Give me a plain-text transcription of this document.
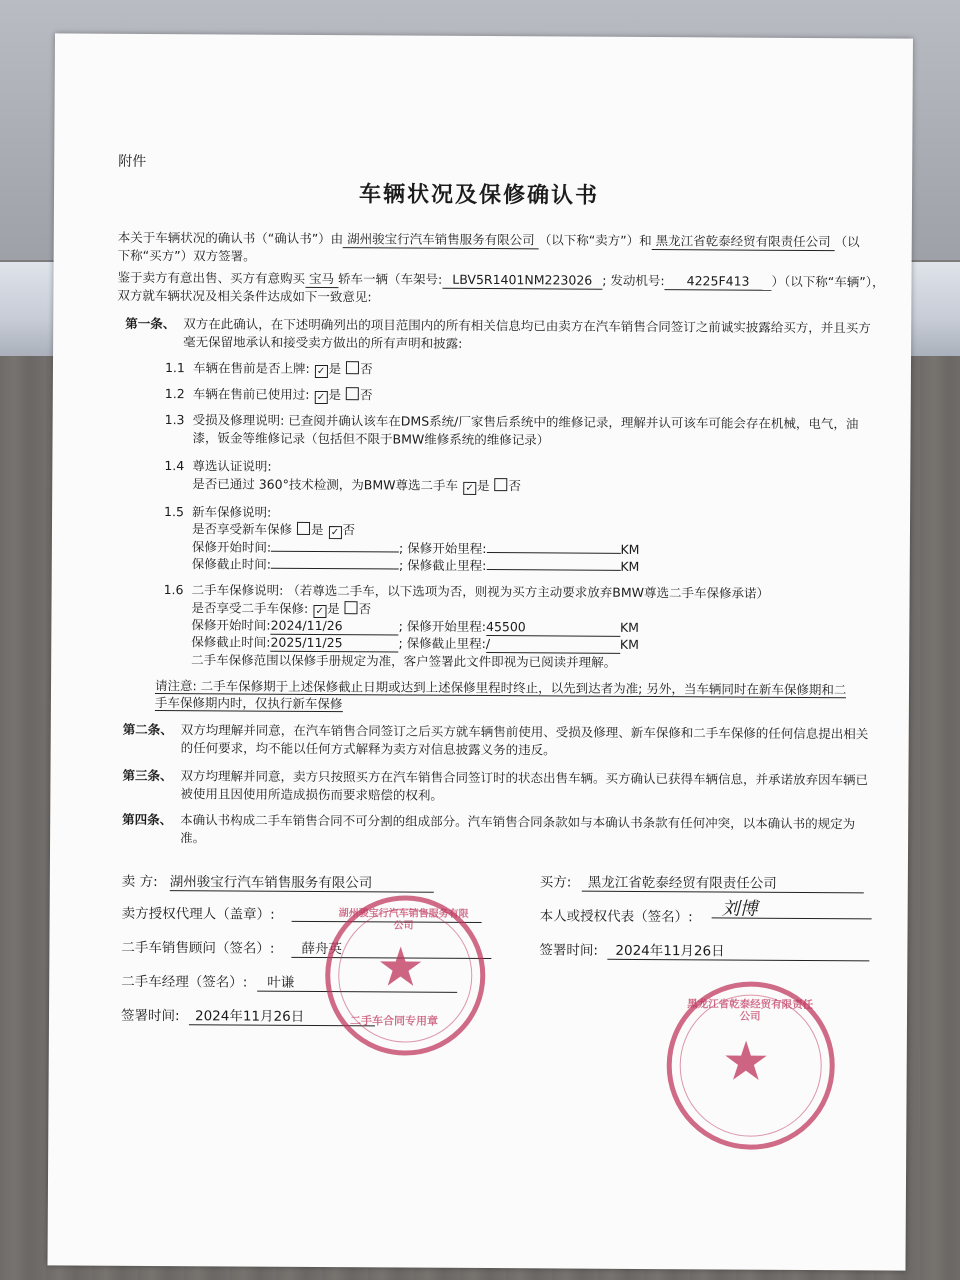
附件
车辆状况及保修确认书
本关于车辆状况的确认书（“确认书”）由 湖州骏宝行汽车销售服务有限公司 （以下称“卖方”）和 黑龙江省乾泰经贸有限责任公司 （以
下称“买方”）双方签署。
鉴于卖方有意出售、买方有意购买 宝马 轿车一辆（车架号: LBV5R1401NM223026 ; 发动机号: 4225F413 ）（以下称“车辆”），
双方就车辆状况及相关条件达成如下一致意见:
第一条、 双方在此确认，在下述明确列出的项目范围内的所有相关信息均已由卖方在汽车销售合同签订之前诚实披露给买方，并且买方
毫无保留地承认和接受卖方做出的所有声明和披露:
1.1 车辆在售前是否上牌: ✓ 是 否
1.2 车辆在售前已使用过: ✓ 是 否
1.3 受损及修理说明: 已查阅并确认该车在DMS系统/厂家售后系统中的维修记录，理解并认可该车可能会存在机械，电气，油
漆，钣金等维修记录（包括但不限于BMW维修系统的维修记录）
1.4 尊选认证说明:
是否已通过 360°技术检测，为BMW尊选二手车 ✓ 是 否
1.5 新车保修说明:
是否享受新车保修 是 ✓ 否
保修开始时间:	; 保修开始里程:	KM
保修截止时间:	; 保修截止里程:	KM
1.6 二手车保修说明: （若尊选二手车，以下选项为否，则视为买方主动要求放弃BMW尊选二手车保修承诺）
是否享受二手车保修: ✓ 是 否
保修开始时间:2024/11/26	; 保修开始里程:45500	KM
保修截止时间:2025/11/25	; 保修截止里程:/	KM
二手车保修范围以保修手册规定为准，客户签署此文件即视为已阅读并理解。
请注意: 二手车保修期于上述保修截止日期或达到上述保修里程时终止，以先到达者为准; 另外，当车辆同时在新车保修期和二
手车保修期内时，仅执行新车保修
第二条、 双方均理解并同意，在汽车销售合同签订之后买方就车辆售前使用、受损及修理、新车保修和二手车保修的任何信息提出相关
的任何要求，均不能以任何方式解释为卖方对信息披露义务的违反。
第三条、 双方均理解并同意，卖方只按照买方在汽车销售合同签订时的状态出售车辆。买方确认已获得车辆信息，并承诺放弃因车辆已
被使用且因使用所造成损伤而要求赔偿的权利。
第四条、 本确认书构成二手车销售合同不可分割的组成部分。汽车销售合同条款如与本确认书条款有任何冲突，以本确认书的规定为
准。
卖 方: 湖州骏宝行汽车销售服务有限公司
卖方授权代理人（盖章）:
二手车销售顾问（签名）:	薛舟英
二手车经理（签名）:	叶谦
签署时间:	2024年11月26日
买方:	黑龙江省乾泰经贸有限责任公司
本人或授权代表（签名）:	刘博
签署时间:	2024年11月26日
★
湖州骏宝行汽车销售服务有限公司
二手车合同专用章
★
黑龙江省乾泰经贸有限责任公司
